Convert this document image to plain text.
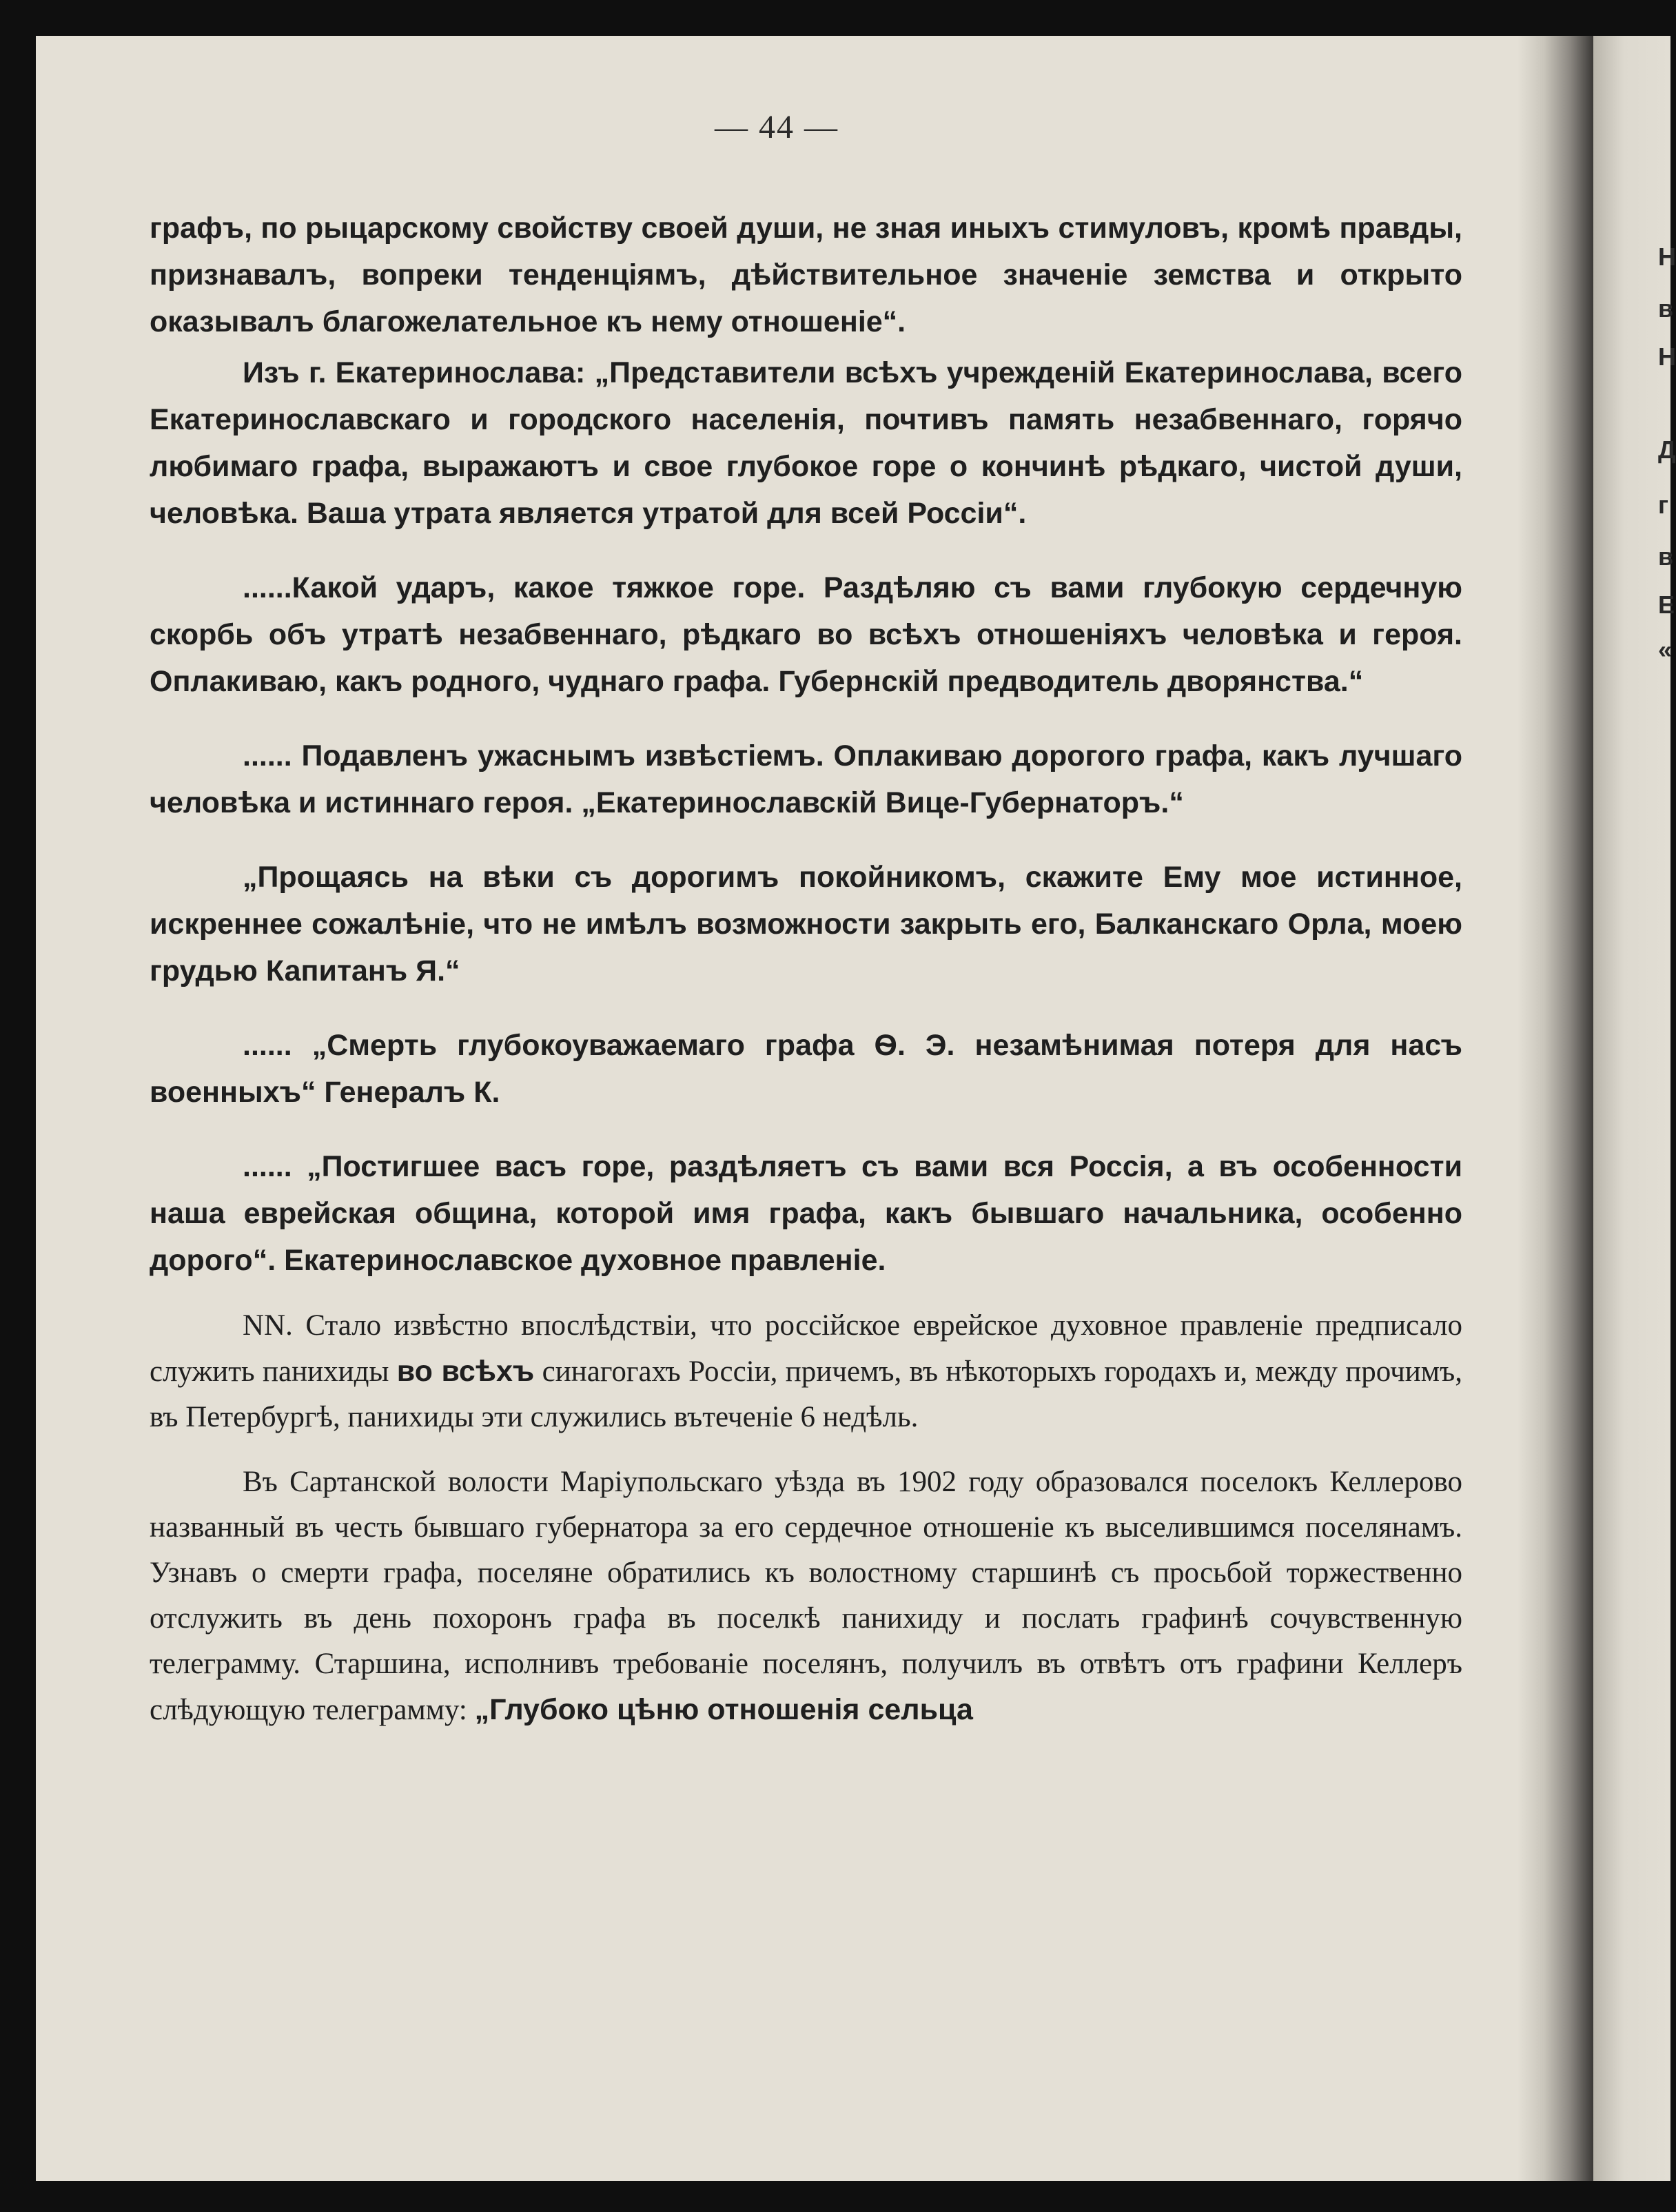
Н
в
Н
Д
г
в
Е
«
— 44 —

графъ, по рыцарскому свойству своей души, не зная иныхъ стимуловъ, кромѣ правды, признавалъ, вопреки тенденціямъ, дѣйствительное значеніе земства и открыто оказывалъ благожелательное къ нему отношеніе“.

Изъ г. Екатеринослава: „Представители всѣхъ учрежденій Екатеринослава, всего Екатеринославскаго и городского населенія, почтивъ память незабвеннаго, горячо любимаго графа, выражаютъ и свое глубокое горе о кончинѣ рѣдкаго, чистой души, человѣка. Ваша утрата является утратой для всей Россіи“.

......Какой ударъ, какое тяжкое горе. Раздѣляю съ вами глубокую сердечную скорбь объ утратѣ незабвеннаго, рѣдкаго во всѣхъ отношеніяхъ человѣка и героя. Оплакиваю, какъ родного, чуднаго графа. Губернскій предводитель дворянства.“

...... Подавленъ ужаснымъ извѣстіемъ. Оплакиваю дорогого графа, какъ лучшаго человѣка и истиннаго героя. „Екатеринославскій Вице-Губернаторъ.“

„Прощаясь на вѣки съ дорогимъ покойникомъ, скажите Ему мое истинное, искреннее сожалѣніе, что не имѣлъ возможности закрыть его, Балканскаго Орла, моею грудью Капитанъ Я.“

...... „Смерть глубокоуважаемаго графа Ѳ. Э. незамѣнимая потеря для насъ военныхъ“ Генералъ К.

...... „Постигшее васъ горе, раздѣляетъ съ вами вся Россія, а въ особенности наша еврейская община, которой имя графа, какъ бывшаго начальника, особенно дорого“. Екатеринославское духовное правленіе.

NN. Стало извѣстно впослѣдствіи, что россійское еврейское духовное правленіе предписало служить панихиды во всѣхъ синагогахъ Россіи, причемъ, въ нѣкоторыхъ городахъ и, между прочимъ, въ Петербургѣ, панихиды эти служились вътеченіе 6 недѣль.

Въ Сартанской волости Маріупольскаго уѣзда въ 1902 году образовался поселокъ Келлерово названный въ честь бывшаго губернатора за его сердечное отношеніе къ выселившимся поселянамъ. Узнавъ о смерти графа, поселяне обратились къ волостному старшинѣ съ просьбой торжественно отслужить въ день похоронъ графа въ поселкѣ панихиду и послать графинѣ сочувственную телеграмму. Старшина, исполнивъ требованіе поселянъ, получилъ въ отвѣтъ отъ графини Келлеръ слѣдующую телеграмму: „Глубоко цѣню отношенія сельца
